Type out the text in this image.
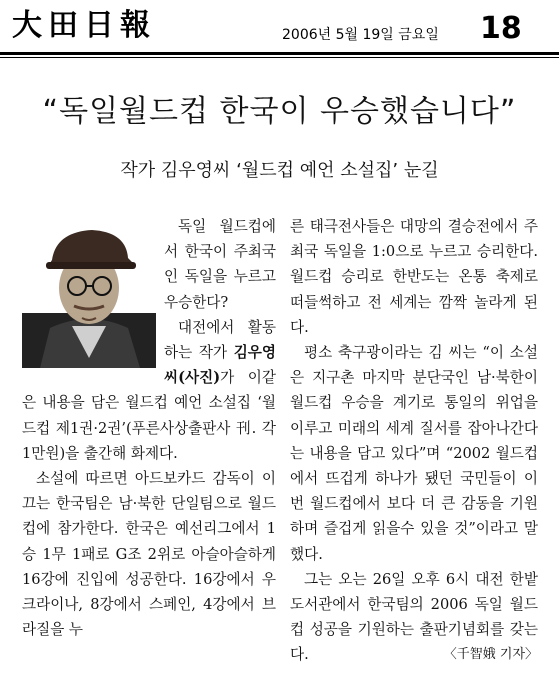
大田日報	2006년 5월 19일 금요일 18
“독일월드컵 한국이 우승했습니다”
작가 김우영씨 ‘월드컵 예언 소설집’ 눈길

독일 월드컵에서 한국이 주최국인 독일을 누르고 우승한다?

대전에서 활동하는 작가 김우영씨(사진)가 이같은 내용을 담은 월드컵 예언 소설집 ‘월드컵 제1권·2권’(푸른사상출판사 刊. 각 1만원)을 출간해 화제다.

소설에 따르면 아드보카드 감독이 이끄는 한국팀은 남·북한 단일팀으로 월드컵에 참가한다. 한국은 예선리그에서 1승 1무 1패로 G조 2위로 아슬아슬하게 16강에 진입에 성공한다. 16강에서 우크라이나, 8강에서 스페인, 4강에서 브라질을 누

른 태극전사들은 대망의 결승전에서 주최국 독일을 1:0으로 누르고 승리한다. 월드컵 승리로 한반도는 온통 축제로 떠들썩하고 전 세계는 깜짝 놀라게 된다.

평소 축구광이라는 김 씨는 “이 소설은 지구촌 마지막 분단국인 남·북한이 월드컵 우승을 계기로 통일의 위업을 이루고 미래의 세계 질서를 잡아나간다는 내용을 담고 있다”며 “2002 월드컵에서 뜨겁게 하나가 됐던 국민들이 이번 월드컵에서 보다 더 큰 감동을 기원하며 즐겁게 읽을수 있을 것”이라고 말했다.

그는 오는 26일 오후 6시 대전 한밭도서관에서 한국팀의 2006 독일 월드컵 성공을 기원하는 출판기념회를 갖는다.	〈千智娥 기자〉
